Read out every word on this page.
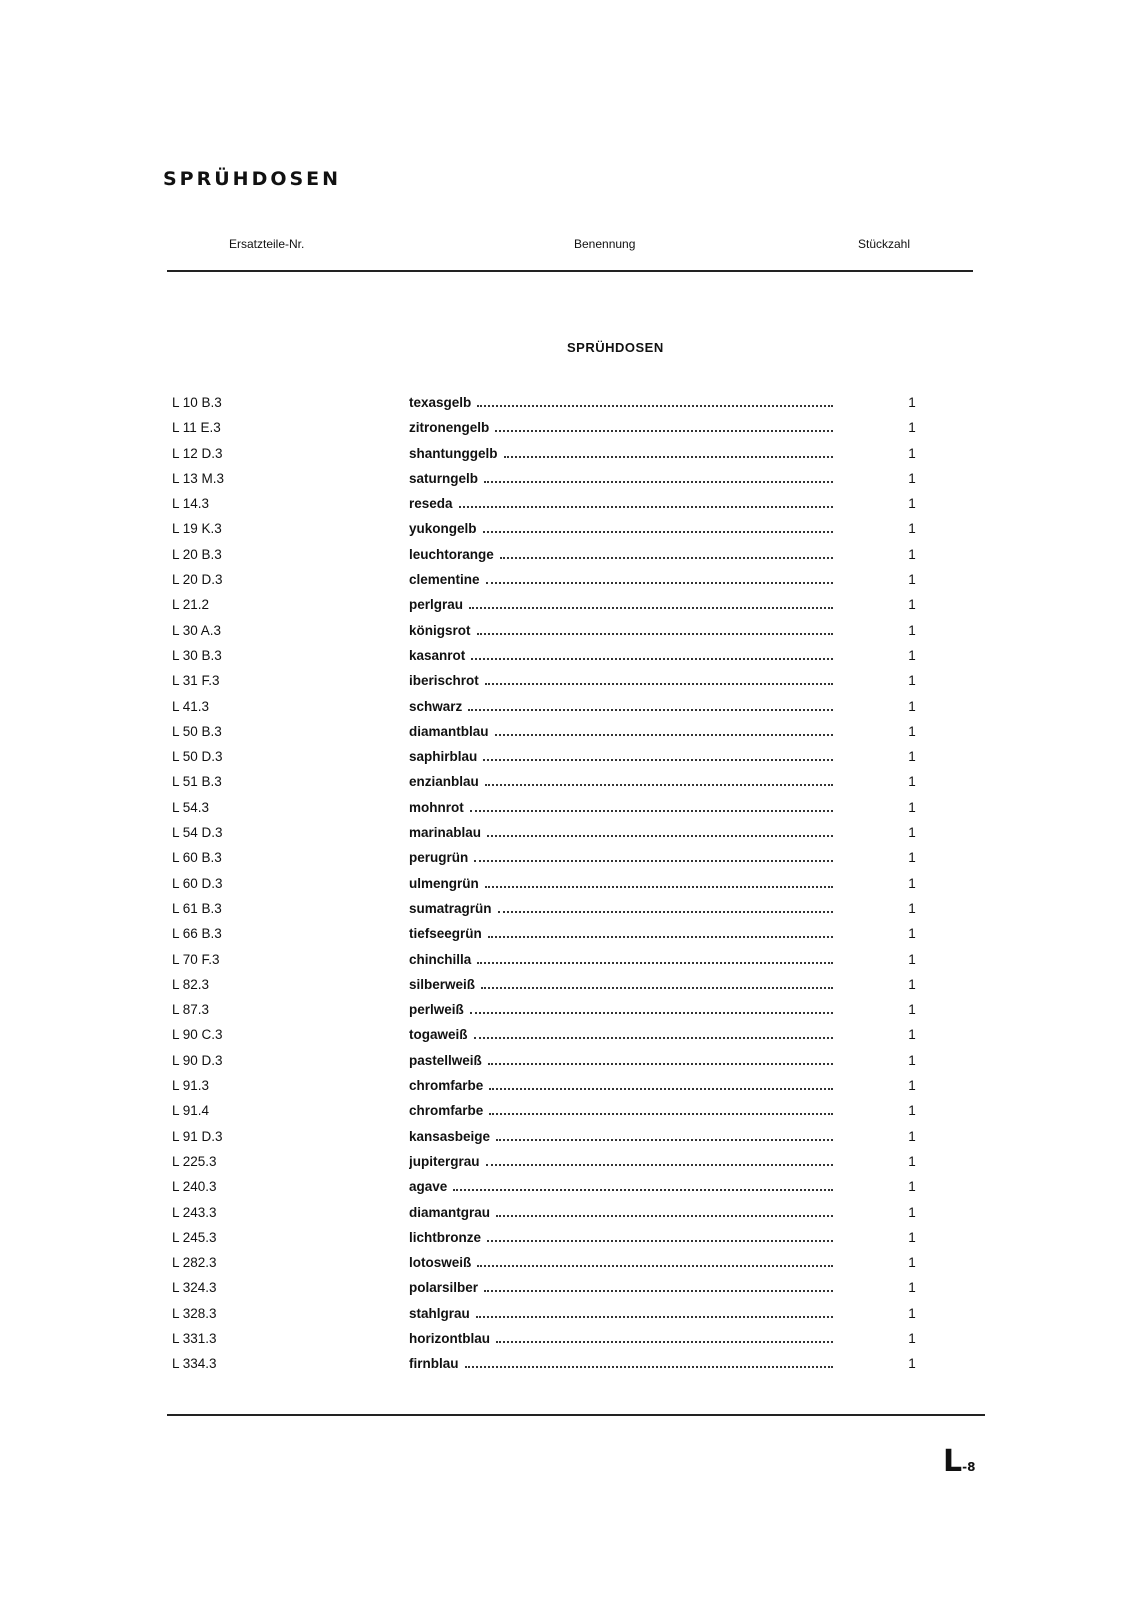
SPRÜHDOSEN
Ersatzteile-Nr.	Benennung	Stückzahl
SPRÜHDOSEN
L 10 B.3	texasgelb	1
L 11 E.3	zitronengelb	1
L 12 D.3	shantunggelb	1
L 13 M.3	saturngelb	1
L 14.3	reseda	1
L 19 K.3	yukongelb	1
L 20 B.3	leuchtorange	1
L 20 D.3	clementine	1
L 21.2	perlgrau	1
L 30 A.3	königsrot	1
L 30 B.3	kasanrot	1
L 31 F.3	iberischrot	1
L 41.3	schwarz	1
L 50 B.3	diamantblau	1
L 50 D.3	saphirblau	1
L 51 B.3	enzianblau	1
L 54.3	mohnrot	1
L 54 D.3	marinablau	1
L 60 B.3	perugrün	1
L 60 D.3	ulmengrün	1
L 61 B.3	sumatragrün	1
L 66 B.3	tiefseegrün	1
L 70 F.3	chinchilla	1
L 82.3	silberweiß	1
L 87.3	perlweiß	1
L 90 C.3	togaweiß	1
L 90 D.3	pastellweiß	1
L 91.3	chromfarbe	1
L 91.4	chromfarbe	1
L 91 D.3	kansasbeige	1
L 225.3	jupitergrau	1
L 240.3	agave	1
L 243.3	diamantgrau	1
L 245.3	lichtbronze	1
L 282.3	lotosweiß	1
L 324.3	polarsilber	1
L 328.3	stahlgrau	1
L 331.3	horizontblau	1
L 334.3	firnblau	1
L-8
